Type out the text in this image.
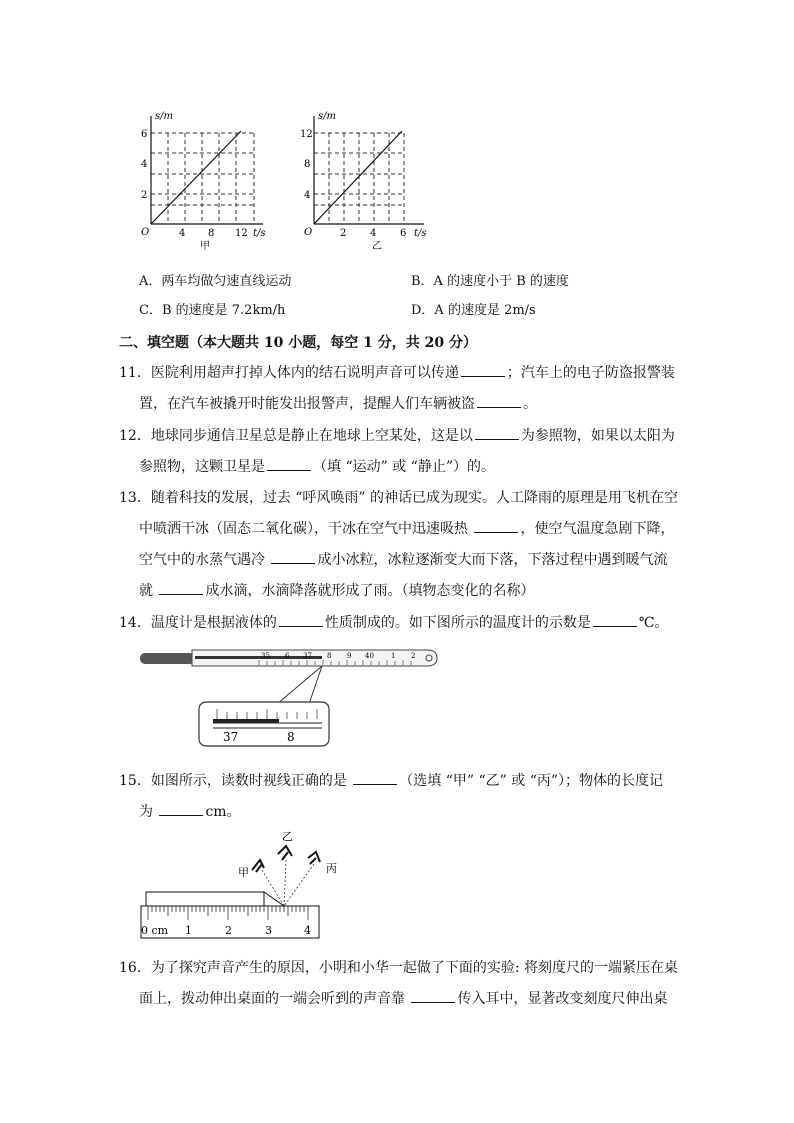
s/m
t/s
O
6
4
2
4 8 12
甲
s/m
t/s
O
12
8
4
2 4 6
乙
A．两车均做匀速直线运动	B．A 的速度小于 B 的速度
C．B 的速度是 7.2km/h	D．A 的速度是 2m/s
二、填空题（本大题共 10 小题，每空 1 分，共 20 分）
11．医院利用超声打掉人体内的结石说明声音可以传递	；汽车上的电子防盗报警装
置，在汽车被撬开时能发出报警声，提醒人们车辆被盗	。
12．地球同步通信卫星总是静止在地球上空某处，这是以	为参照物，如果以太阳为
参照物，这颗卫星是	（填 “运动” 或 “静止”）的。
13．随着科技的发展，过去 “呼风唤雨” 的神话已成为现实。人工降雨的原理是用飞机在空
中喷洒干冰（固态二氧化碳），干冰在空气中迅速吸热	，使空气温度急剧下降，
空气中的水蒸气遇冷	成小冰粒，冰粒逐渐变大而下落，下落过程中遇到暖气流
就	成水滴，水滴降落就形成了雨。（填物态变化的名称）
14．温度计是根据液体的	性质制成的。如下图所示的温度计的示数是	℃。
35 6 37 8 9 40 1 2
37	8
15．如图所示，读数时视线正确的是	（选填 “甲” “乙” 或 “丙”）；物体的长度记
为	cm。
甲
乙
丙
0 cm 1	2	3	4
16．为了探究声音产生的原因，小明和小华一起做了下面的实验: 将刻度尺的一端紧压在桌
面上，拨动伸出桌面的一端会听到的声音靠	传入耳中，显著改变刻度尺伸出桌
